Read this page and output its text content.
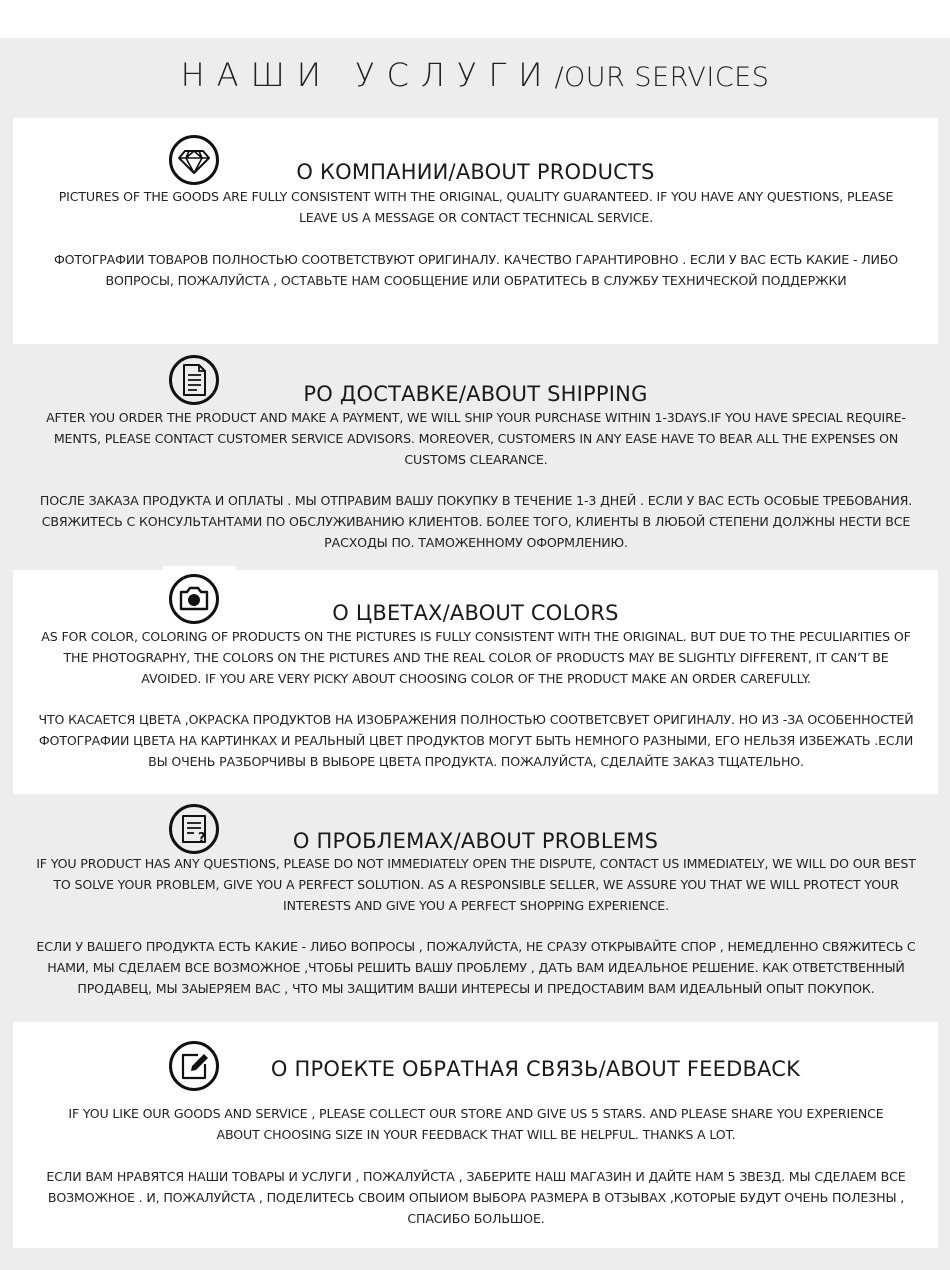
НАШИ УСЛУГИ/OUR SERVICES
О КОМПАНИИ/ABOUT PRODUCTS
PICTURES OF THE GOODS ARE FULLY CONSISTENT WITH THE ORIGINAL, QUALITY GUARANTEED. IF YOU HAVE ANY QUESTIONS, PLEASE LEAVE US A MESSAGE OR CONTACT TECHNICAL SERVICE.
ФОТОГРАФИИ ТОВАРОВ ПОЛНОСТЬЮ СООТВЕТСТВУЮТ ОРИГИНАЛУ. КАЧЕСТВО ГАРАНТИРОВНО . ЕСЛИ У ВАС ЕСТЬ КАКИЕ - ЛИБО ВОПРОСЫ, ПОЖАЛУЙСТА , ОСТАВЬТЕ НАМ СООБЩЕНИЕ ИЛИ ОБРАТИТЕСЬ В СЛУЖБУ ТЕХНИЧЕСКОЙ ПОДДЕРЖКИ
РО ДОСТАВКЕ/ABOUT SHIPPING
AFTER YOU ORDER THE PRODUCT AND MAKE A PAYMENT, WE WILL SHIP YOUR PURCHASE WITHIN 1-3DAYS.IF YOU HAVE SPECIAL REQUIRE- MENTS, PLEASE CONTACT CUSTOMER SERVICE ADVISORS. MOREOVER, CUSTOMERS IN ANY EASE HAVE TO BEAR ALL THE EXPENSES ON CUSTOMS CLEARANCE.
ПОСЛЕ ЗАКАЗА ПРОДУКТА И ОПЛАТЫ . МЫ ОТПРАВИМ ВАШУ ПОКУПКУ В ТЕЧЕНИЕ 1-3 ДНЕЙ . ЕСЛИ У ВАС ЕСТЬ ОСОБЫЕ ТРЕБОВАНИЯ. СВЯЖИТЕСЬ С КОНСУЛЬТАНТАМИ ПО ОБСЛУЖИВАНИЮ КЛИЕНТОВ. БОЛЕЕ ТОГО, КЛИЕНТЫ В ЛЮБОЙ СТЕПЕНИ ДОЛЖНЫ НЕСТИ ВСЕ РАСХОДЫ ПО. ТАМОЖЕННОМУ ОФОРМЛЕНИЮ.
О ЦВЕТАХ/ABOUT COLORS
AS FOR COLOR, COLORING OF PRODUCTS ON THE PICTURES IS FULLY CONSISTENT WITH THE ORIGINAL. BUT DUE TO THE PECULIARITIES OF THE PHOTOGRAPHY, THE COLORS ON THE PICTURES AND THE REAL COLOR OF PRODUCTS MAY BE SLIGHTLY DIFFERENT, IT CAN’T BE AVOIDED. IF YOU ARE VERY PICKY ABOUT CHOOSING COLOR OF THE PRODUCT MAKE AN ORDER CAREFULLY.
ЧТО КАСАЕТСЯ ЦВЕТА ,ОКРАСКА ПРОДУКТОВ НА ИЗОБРАЖЕНИЯ ПОЛНОСТЬЮ СООТВЕТСВУЕТ ОРИГИНАЛУ. НО ИЗ -ЗА ОСОБЕННОСТЕЙ ФОТОГРАФИИ ЦВЕТА НА КАРТИНКАХ И РЕАЛЬНЫЙ ЦВЕТ ПРОДУКТОВ МОГУТ БЫТЬ НЕМНОГО РАЗНЫМИ, ЕГО НЕЛЬЗЯ ИЗБЕЖАТЬ .ЕСЛИ ВЫ ОЧЕНЬ РАЗБОРЧИВЫ В ВЫБОРЕ ЦВЕТА ПРОДУКТА. ПОЖАЛУЙСТА, СДЕЛАЙТЕ ЗАКАЗ ТЩАТЕЛЬНО.
?	О ПРОБЛЕМАХ/ABOUT PROBLEMS
IF YOU PRODUCT HAS ANY QUESTIONS, PLEASE DO NOT IMMEDIATELY OPEN THE DISPUTE, CONTACT US IMMEDIATELY, WE WILL DO OUR BEST TO SOLVE YOUR PROBLEM, GIVE YOU A PERFECT SOLUTION. AS A RESPONSIBLE SELLER, WE ASSURE YOU THAT WE WILL PROTECT YOUR INTERESTS AND GIVE YOU A PERFECT SHOPPING EXPERIENCE.
ЕСЛИ У ВАШЕГО ПРОДУКТА ЕСТЬ КАКИЕ - ЛИБО ВОПРОСЫ , ПОЖАЛУЙСТА, НЕ СРАЗУ ОТКРЫВАЙТЕ СПОР , НЕМЕДЛЕННО СВЯЖИТЕСЬ С НАМИ, МЫ СДЕЛАЕМ ВСЕ ВОЗМОЖНОЕ ,ЧТОБЫ РЕШИТЬ ВАШУ ПРОБЛЕМУ , ДАТЬ ВАМ ИДЕАЛЬНОЕ РЕШЕНИЕ. КАК ОТВЕТСТВЕННЫЙ ПРОДАВЕЦ, МЫ ЗАЫЕРЯЕМ ВАС , ЧТО МЫ ЗАЩИТИМ ВАШИ ИНТЕРЕСЫ И ПРЕДОСТАВИМ ВАМ ИДЕАЛЬНЫЙ ОПЫТ ПОКУПОК.
О ПРОЕКТЕ ОБРАТНАЯ СВЯЗЬ/ABOUT FEEDBACK
IF YOU LIKE OUR GOODS AND SERVICE , PLEASE COLLECT OUR STORE AND GIVE US 5 STARS. AND PLEASE SHARE YOU EXPERIENCE ABOUT CHOOSING SIZE IN YOUR FEEDBACK THAT WILL BE HELPFUL. THANKS A LOT.
ЕСЛИ ВАМ НРАВЯТСЯ НАШИ ТОВАРЫ И УСЛУГИ , ПОЖАЛУЙСТА , ЗАБЕРИТЕ НАШ МАГАЗИН И ДАЙТЕ НАМ 5 ЗВЕЗД. МЫ СДЕЛАЕМ ВСЕ ВОЗМОЖНОЕ . И, ПОЖАЛУЙСТА , ПОДЕЛИТЕСЬ СВОИМ ОПЫИОМ ВЫБОРА РАЗМЕРА В ОТЗЫВАХ ,КОТОРЫЕ БУДУТ ОЧЕНЬ ПОЛЕЗНЫ , СПАСИБО БОЛЬШОЕ.
